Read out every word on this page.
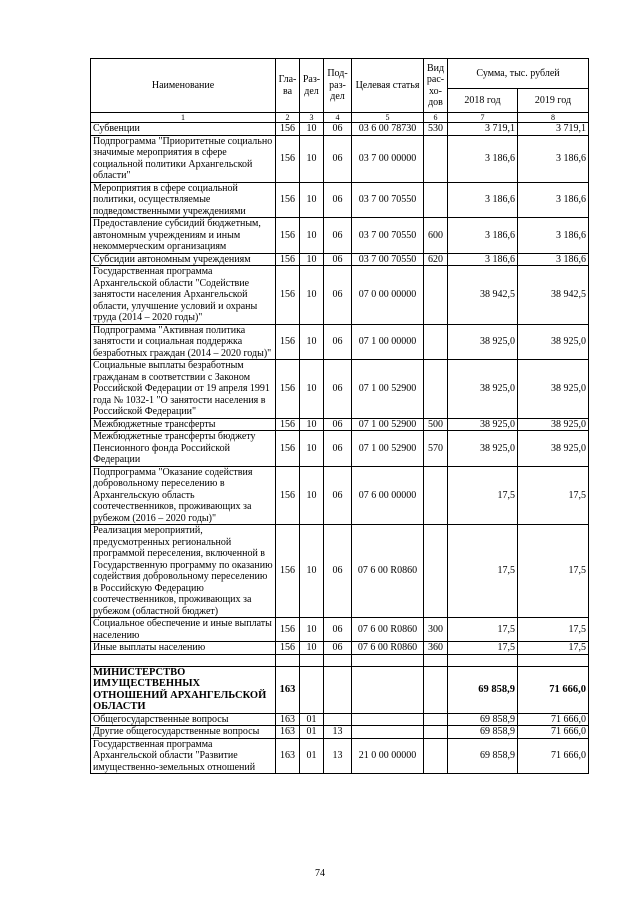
Наименование	Гла-ва	Раз-дел	Под-раз-дел	Целевая статья	Вид рас-хо-дов	Сумма, тыс. рублей	
						2018 год	2019 год
1	2	3	4	5	6	7	8
Субвенции	156	10	06	03 6 00 78730	530	3 719,1	3 719,1
Подпрограмма "Приоритетные социально значимые мероприятия в сфере социальной политики Архангельской области"	156	10	06	03 7 00 00000		3 186,6	3 186,6
Мероприятия в сфере социальной политики, осуществляемые подведомственными учреждениями	156	10	06	03 7 00 70550		3 186,6	3 186,6
Предоставление субсидий бюджетным, автономным учреждениям и иным некоммерческим организациям	156	10	06	03 7 00 70550	600	3 186,6	3 186,6
Субсидии автономным учреждениям	156	10	06	03 7 00 70550	620	3 186,6	3 186,6
Государственная программа Архангельской области "Содействие занятости населения Архангельской области, улучшение условий и охраны труда (2014 – 2020 годы)"	156	10	06	07 0 00 00000		38 942,5	38 942,5
Подпрограмма "Активная политика занятости и социальная поддержка безработных граждан (2014 – 2020 годы)"	156	10	06	07 1 00 00000		38 925,0	38 925,0
Социальные выплаты безработным гражданам в соответствии с Законом Российской Федерации от 19 апреля 1991 года № 1032-1 "О занятости населения в Российской Федерации"	156	10	06	07 1 00 52900		38 925,0	38 925,0
Межбюджетные трансферты	156	10	06	07 1 00 52900	500	38 925,0	38 925,0
Межбюджетные трансферты бюджету Пенсионного фонда Российской Федерации	156	10	06	07 1 00 52900	570	38 925,0	38 925,0
Подпрограмма "Оказание содействия добровольному переселению в Архангельскую область соотечественников, проживающих за рубежом (2016 – 2020 годы)"	156	10	06	07 6 00 00000		17,5	17,5
Реализация мероприятий, предусмотренных региональной программой переселения, включенной в Государственную программу по оказанию содействия добровольному переселению в Российскую Федерацию соотечественников, проживающих за рубежом (областной бюджет)	156	10	06	07 6 00 R0860		17,5	17,5
Социальное обеспечение и иные выплаты населению	156	10	06	07 6 00 R0860	300	17,5	17,5
Иные выплаты населению	156	10	06	07 6 00 R0860	360	17,5	17,5

МИНИСТЕРСТВО ИМУЩЕСТВЕННЫХ ОТНОШЕНИЙ АРХАНГЕЛЬСКОЙ ОБЛАСТИ	163					69 858,9	71 666,0
Общегосударственные вопросы	163	01				69 858,9	71 666,0
Другие общегосударственные вопросы	163	01	13			69 858,9	71 666,0
Государственная программа Архангельской области "Развитие имущественно-земельных отношений	163	01	13	21 0 00 00000		69 858,9	71 666,0
74
